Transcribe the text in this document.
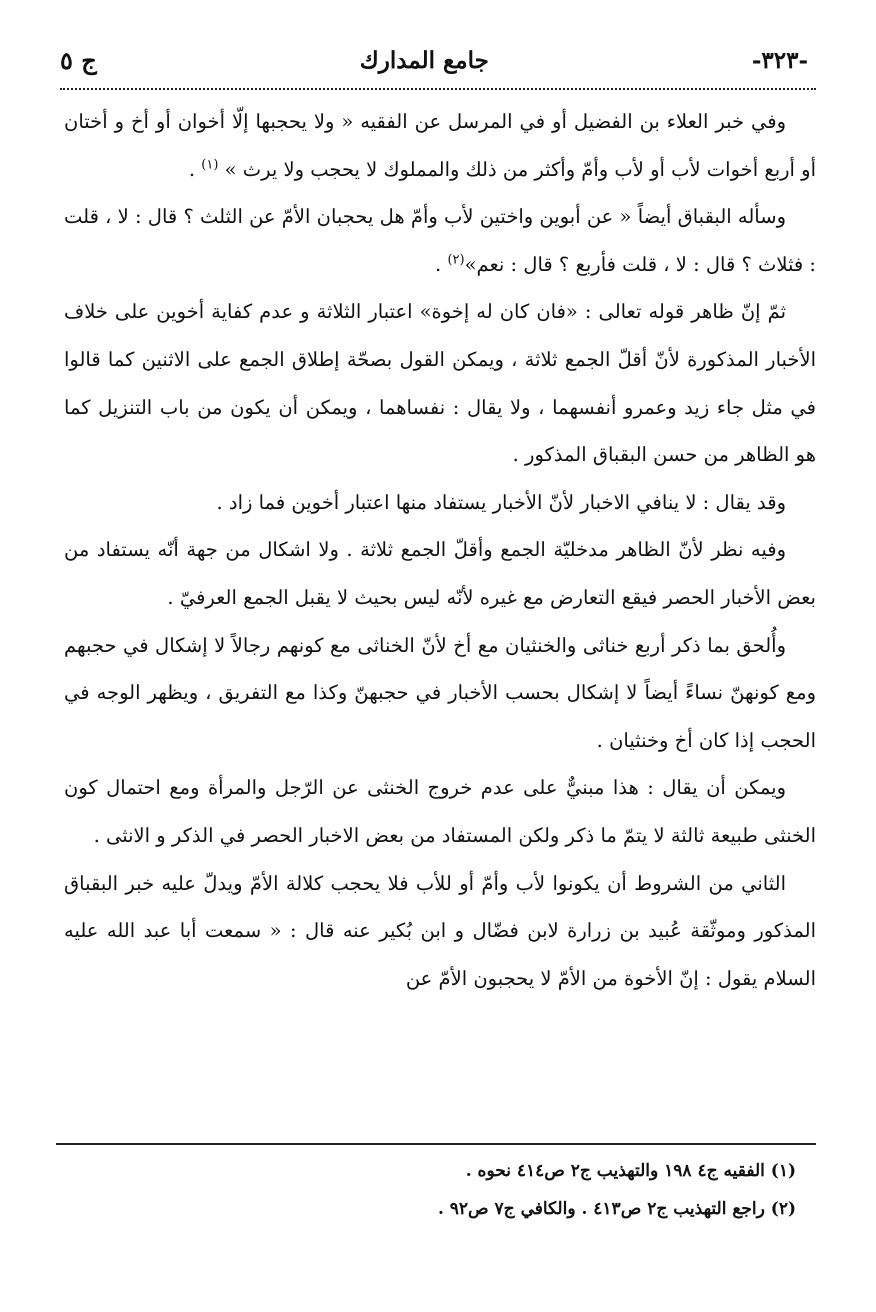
-٣٢٣-
جامع المدارك
ج ٥

وفي خبر العلاء بن الفضيل أو في المرسل عن الفقيه « ولا يحجبها إلّا أخوان أو أخ و أختان أو أربع أخوات لأب أو لأب وأمّ وأكثر من ذلك والمملوك لا يحجب ولا يرث » $^{(١)}$ .

وسأله البقباق أيضاً « عن أبوين واختين لأب وأمّ هل يحجبان الأمّ عن الثلث ؟ قال : لا ، قلت : فثلاث ؟ قال : لا ، قلت فأربع ؟ قال : نعم»$^{(٢)}$ .

ثمّ إنّ ظاهر قوله تعالى : «فان كان له إخوة» اعتبار الثلاثة و عدم كفاية أخوين على خلاف الأخبار المذكورة لأنّ أقلّ الجمع ثلاثة ، ويمكن القول بصحّة إطلاق الجمع على الاثنين كما قالوا في مثل جاء زيد وعمرو أنفسهما ، ولا يقال : نفساهما ، ويمكن أن يكون من باب التنزيل كما هو الظاهر من حسن البقباق المذكور .

وقد يقال : لا ينافي الاخبار لأنّ الأخبار يستفاد منها اعتبار أخوين فما زاد .

وفيه نظر لأنّ الظاهر مدخليّة الجمع وأقلّ الجمع ثلاثة . ولا اشكال من جهة أنّه يستفاد من بعض الأخبار الحصر فيقع التعارض مع غيره لأنّه ليس بحيث لا يقبل الجمع العرفيّ .

وأُلحق بما ذكر أربع خناثى والخنثيان مع أخ لأنّ الخناثى مع كونهم رجالاً لا إشكال في حجبهم ومع كونهنّ نساءً أيضاً لا إشكال بحسب الأخبار في حجبهنّ وكذا مع التفريق ، ويظهر الوجه في الحجب إذا كان أخ وخنثيان .

ويمكن أن يقال : هذا مبنيٌّ على عدم خروج الخنثى عن الرّجل والمرأة ومع احتمال كون الخنثى طبيعة ثالثة لا يتمّ ما ذكر ولكن المستفاد من بعض الاخبار الحصر في الذكر و الانثى .

الثاني من الشروط أن يكونوا لأب وأمّ أو للأب فلا يحجب كلالة الأمّ ويدلّ عليه خبر البقباق المذكور وموثّقة عُبيد بن زرارة لابن فضّال و ابن بُكير عنه قال : « سمعت أبا عبد الله عليه السلام يقول : إنّ الأخوة من الأمّ لا يحجبون الأمّ عن

(١) الفقيه ج٤ ١٩٨ والتهذيب ج٢ ص٤١٤ نحوه .
(٢) راجع التهذيب ج٢ ص٤١٣ . والكافي ج٧ ص٩٢ .
